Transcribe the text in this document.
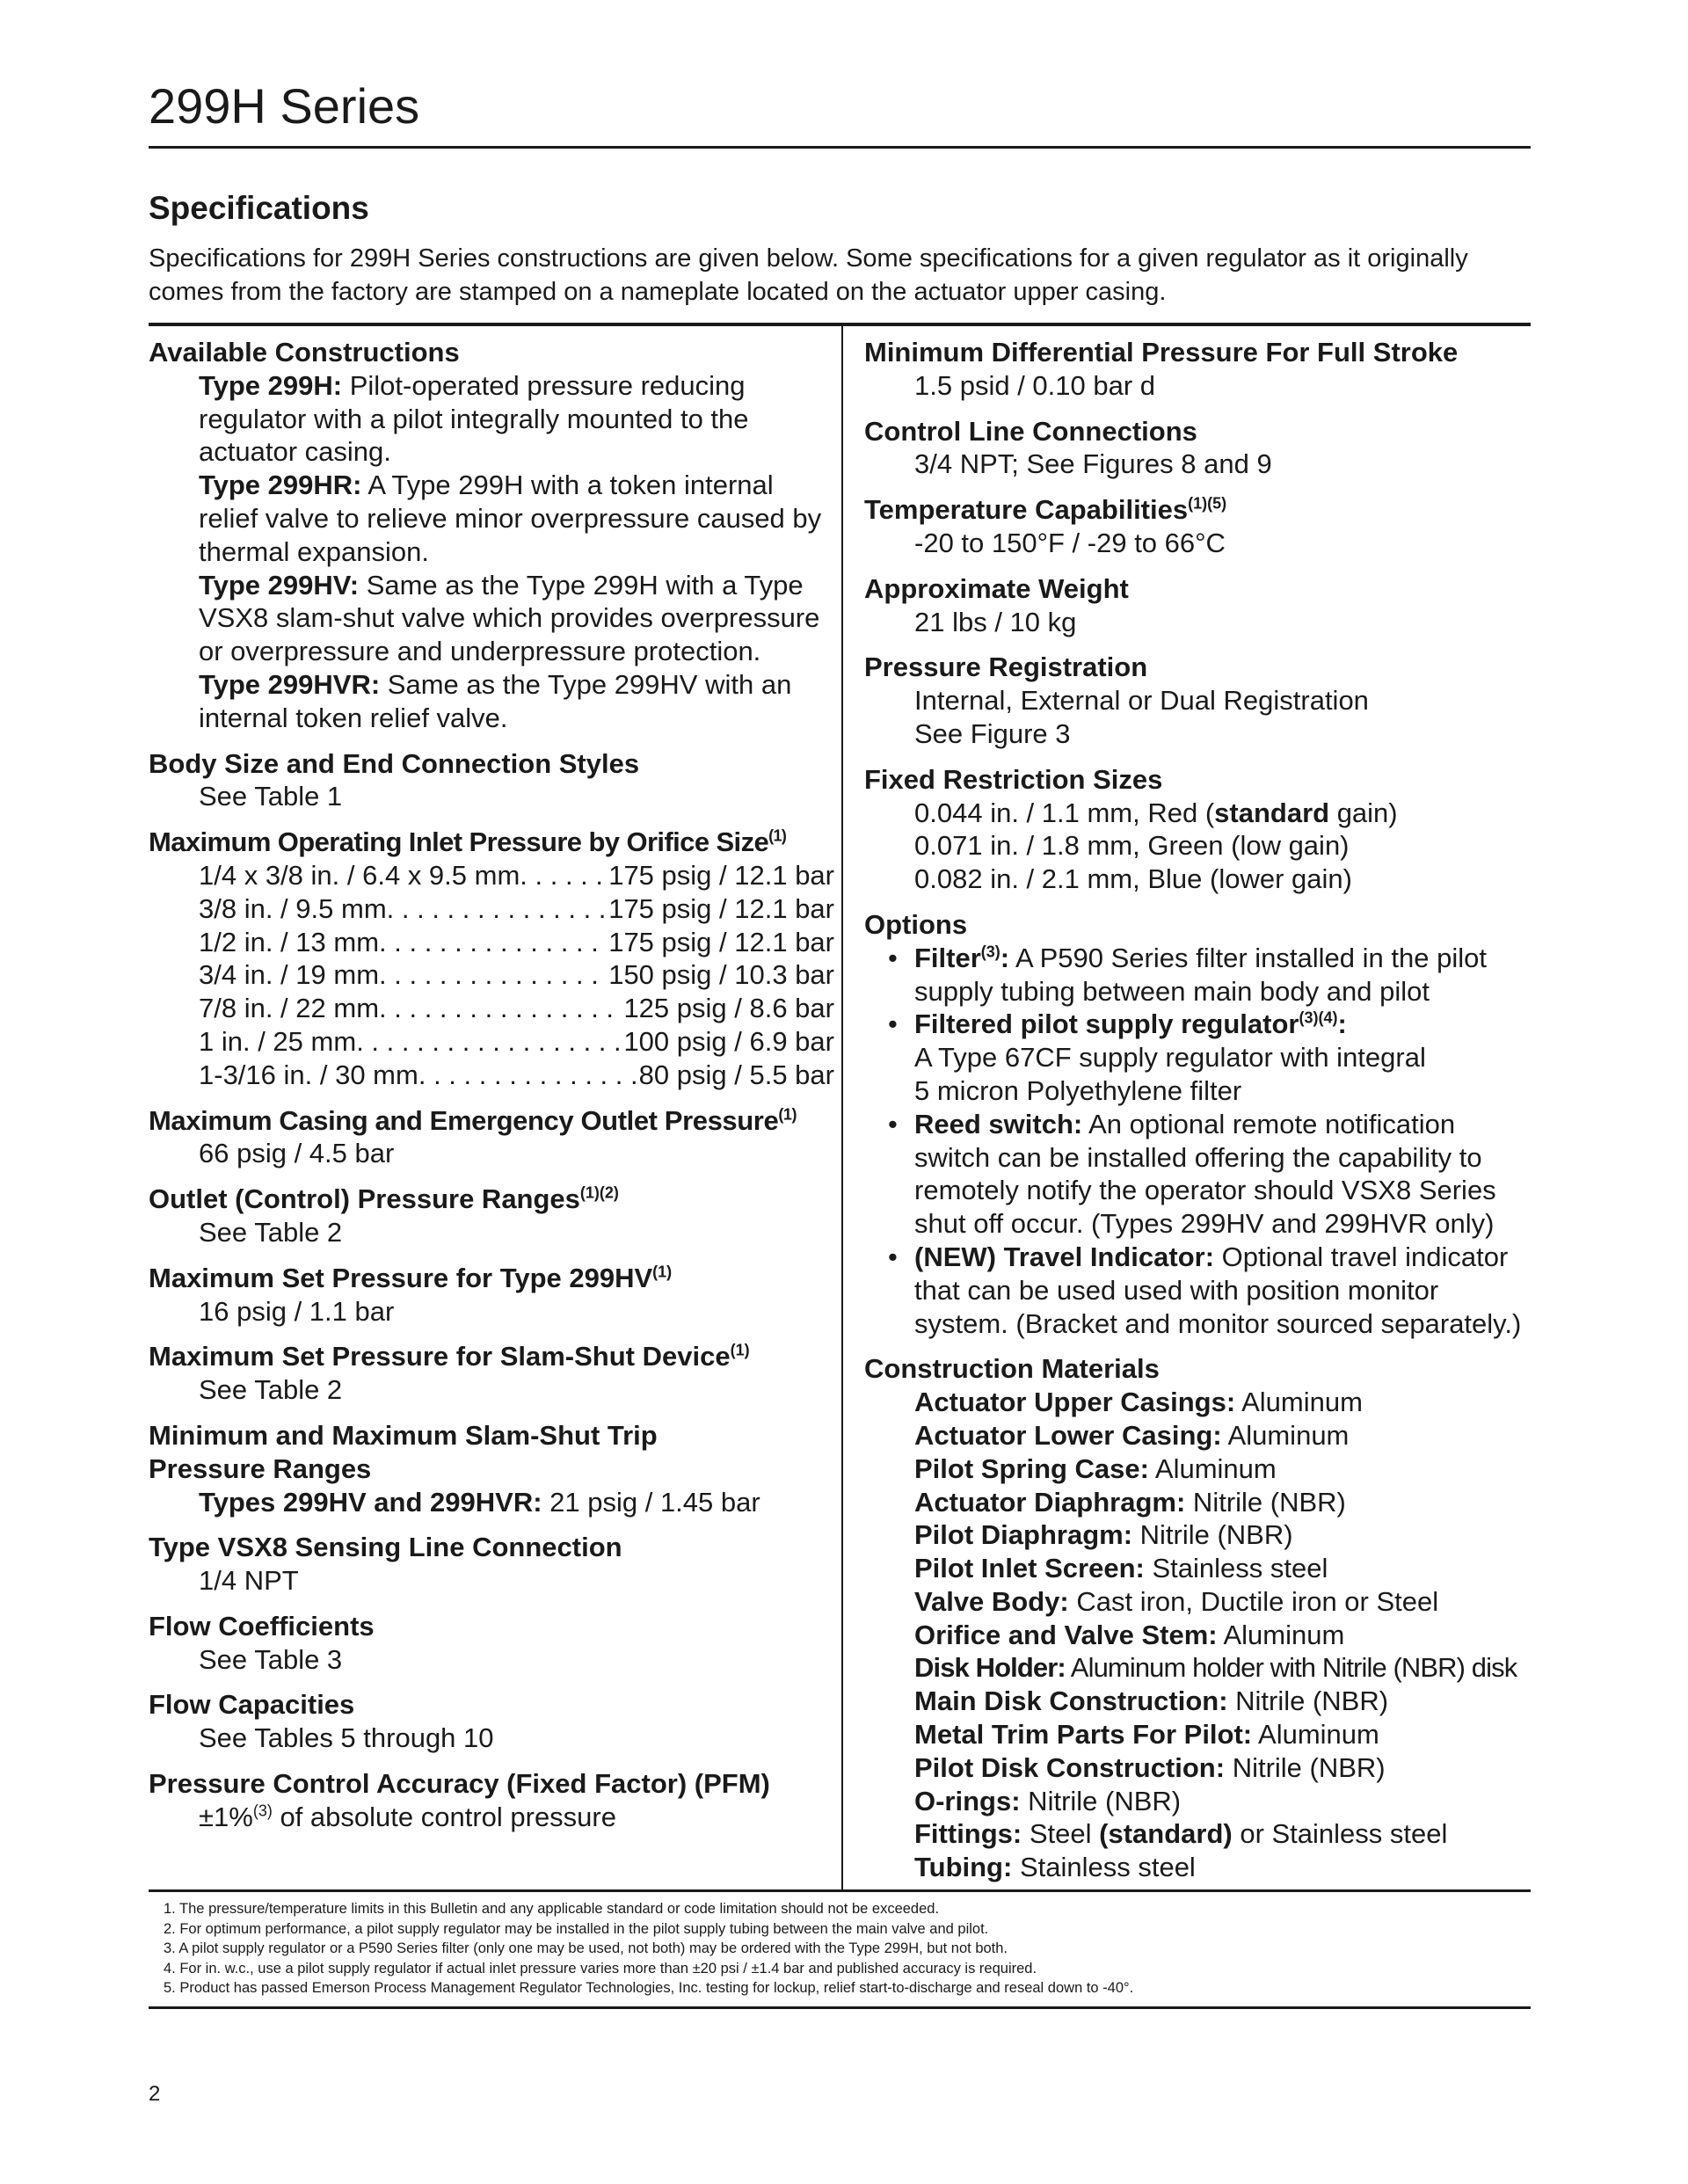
299H Series
Specifications

Specifications for 299H Series constructions are given below. Some specifications for a given regulator as it originally comes from the factory are stamped on a nameplate located on the actuator upper casing.

Available Constructions
Type 299H: Pilot-operated pressure reducing regulator with a pilot integrally mounted to the actuator casing.
Type 299HR: A Type 299H with a token internal relief valve to relieve minor overpressure caused by thermal expansion.
Type 299HV: Same as the Type 299H with a Type VSX8 slam-shut valve which provides overpressure or overpressure and underpressure protection.
Type 299HVR: Same as the Type 299HV with an internal token relief valve.
Body Size and End Connection Styles
See Table 1
Maximum Operating Inlet Pressure by Orifice Size$^{(1)}$
1/4 x 3/8 in. / 6.4 x 9.5 mm . . .	175 psig / 12.1 bar
3/8 in. / 9.5 mm . . .	175 psig / 12.1 bar
1/2 in. / 13 mm . . .	175 psig / 12.1 bar
3/4 in. / 19 mm . . .	150 psig / 10.3 bar
7/8 in. / 22 mm . . .	125 psig / 8.6 bar
1 in. / 25 mm . . .	100 psig / 6.9 bar
1-3/16 in. / 30 mm . . .	80 psig / 5.5 bar
Maximum Casing and Emergency Outlet Pressure$^{(1)}$
66 psig / 4.5 bar
Outlet (Control) Pressure Ranges$^{(1)(2)}$
See Table 2
Maximum Set Pressure for Type 299HV$^{(1)}$
16 psig / 1.1 bar
Maximum Set Pressure for Slam-Shut Device$^{(1)}$
See Table 2
Minimum and Maximum Slam-Shut Trip
Pressure Ranges
Types 299HV and 299HVR: 21 psig / 1.45 bar
Type VSX8 Sensing Line Connection
1/4 NPT
Flow Coefficients
See Table 3
Flow Capacities
See Tables 5 through 10
Pressure Control Accuracy (Fixed Factor) (PFM)
±1%$^{(3)}$ of absolute control pressure
Minimum Differential Pressure For Full Stroke
1.5 psid / 0.10 bar d
Control Line Connections
3/4 NPT; See Figures 8 and 9
Temperature Capabilities$^{(1)(5)}$
-20 to 150°F / -29 to 66°C
Approximate Weight
21 lbs / 10 kg
Pressure Registration
Internal, External or Dual Registration
See Figure 3
Fixed Restriction Sizes
0.044 in. / 1.1 mm, Red (standard gain)
0.071 in. / 1.8 mm, Green (low gain)
0.082 in. / 2.1 mm, Blue (lower gain)
Options
• Filter$^{(3)}$: A P590 Series filter installed in the pilot
supply tubing between main body and pilot
• Filtered pilot supply regulator$^{(3)(4)}$:
A Type 67CF supply regulator with integral
5 micron Polyethylene filter
• Reed switch: An optional remote notification
switch can be installed offering the capability to
remotely notify the operator should VSX8 Series
shut off occur. (Types 299HV and 299HVR only)
• (NEW) Travel Indicator: Optional travel indicator
that can be used used with position monitor
system. (Bracket and monitor sourced separately.)
Construction Materials
Actuator Upper Casings: Aluminum
Actuator Lower Casing: Aluminum
Pilot Spring Case: Aluminum
Actuator Diaphragm: Nitrile (NBR)
Pilot Diaphragm: Nitrile (NBR)
Pilot Inlet Screen: Stainless steel
Valve Body: Cast iron, Ductile iron or Steel
Orifice and Valve Stem: Aluminum
Disk Holder: Aluminum holder with Nitrile (NBR) disk
Main Disk Construction: Nitrile (NBR)
Metal Trim Parts For Pilot: Aluminum
Pilot Disk Construction: Nitrile (NBR)
O-rings: Nitrile (NBR)
Fittings: Steel (standard) or Stainless steel
Tubing: Stainless steel
1. The pressure/temperature limits in this Bulletin and any applicable standard or code limitation should not be exceeded.
2. For optimum performance, a pilot supply regulator may be installed in the pilot supply tubing between the main valve and pilot.
3. A pilot supply regulator or a P590 Series filter (only one may be used, not both) may be ordered with the Type 299H, but not both.
4. For in. w.c., use a pilot supply regulator if actual inlet pressure varies more than ±20 psi / ±1.4 bar and published accuracy is required.
5. Product has passed Emerson Process Management Regulator Technologies, Inc. testing for lockup, relief start-to-discharge and reseal down to -40°.
2
